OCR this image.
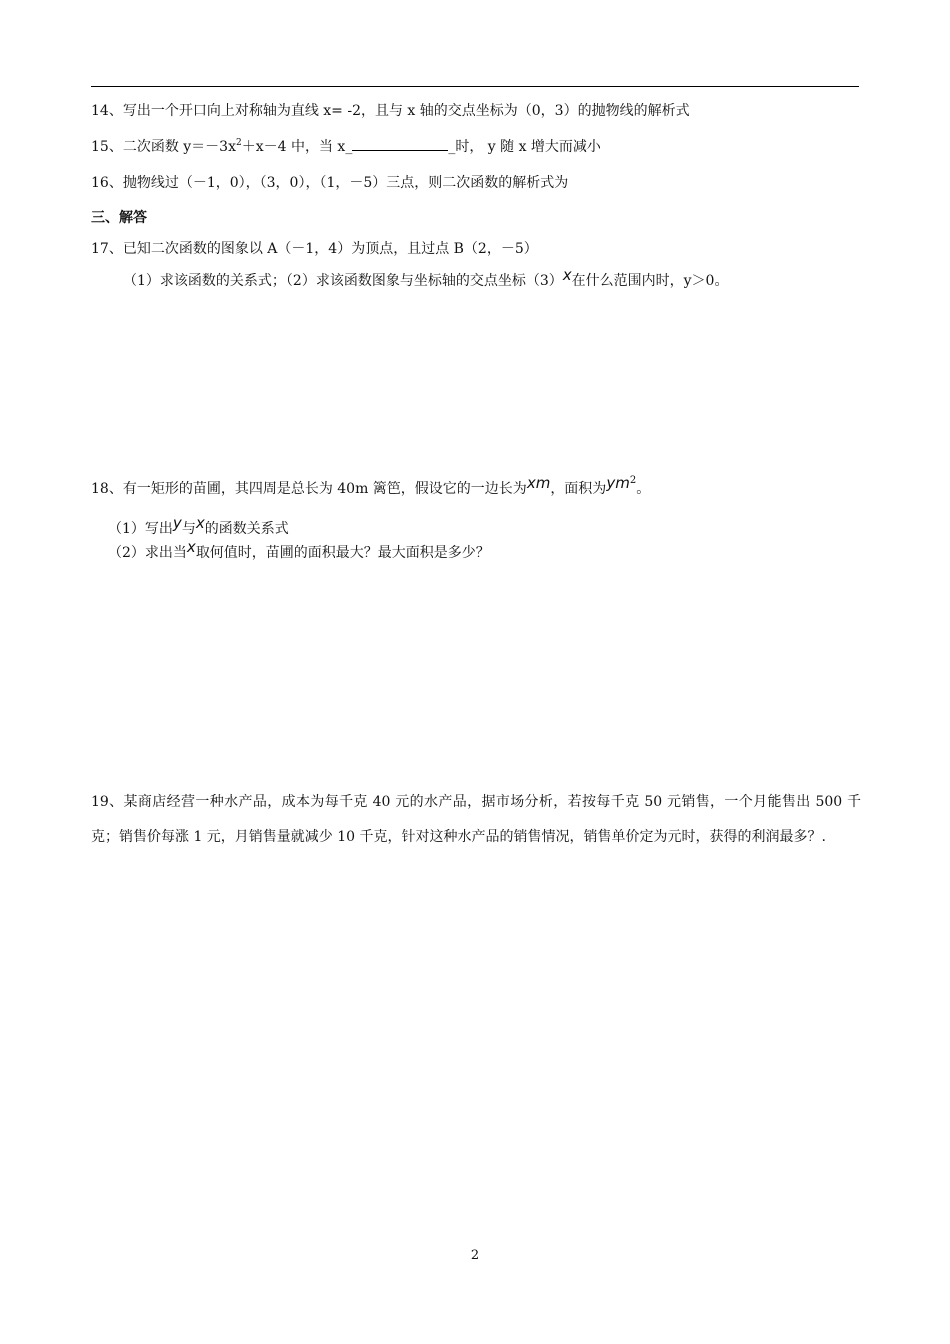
14、写出一个开口向上对称轴为直线 x= -2，且与 x 轴的交点坐标为（0，3）的抛物线的解析式
15、二次函数 $y=-3x^2+x-4$ 中，当 x_	_时， y 随 x 增大而减小
16、抛物线过（－1，0），（3，0），（1，－5）三点，则二次函数的解析式为
三、解答
17、已知二次函数的图象以 A（－1，4）为顶点，且过点 B（2，－5）
（1）求该函数的关系式；（2）求该函数图象与坐标轴的交点坐标（3）x在什么范围内时，y＞0。
18、有一矩形的苗圃，其四周是总长为 40m 篱笆，假设它的一边长为xm，面积为$ym^2$。
（1）写出y与x的函数关系式
（2）求出当x取何值时，苗圃的面积最大？最大面积是多少？
19、某商店经营一种水产品，成本为每千克 40 元的水产品，据市场分析，若按每千克 50 元销售，一个月能售出 500 千克；销售价每涨 1 元，月销售量就减少 10 千克，针对这种水产品的销售情况，销售单价定为元时，获得的利润最多？.
2
